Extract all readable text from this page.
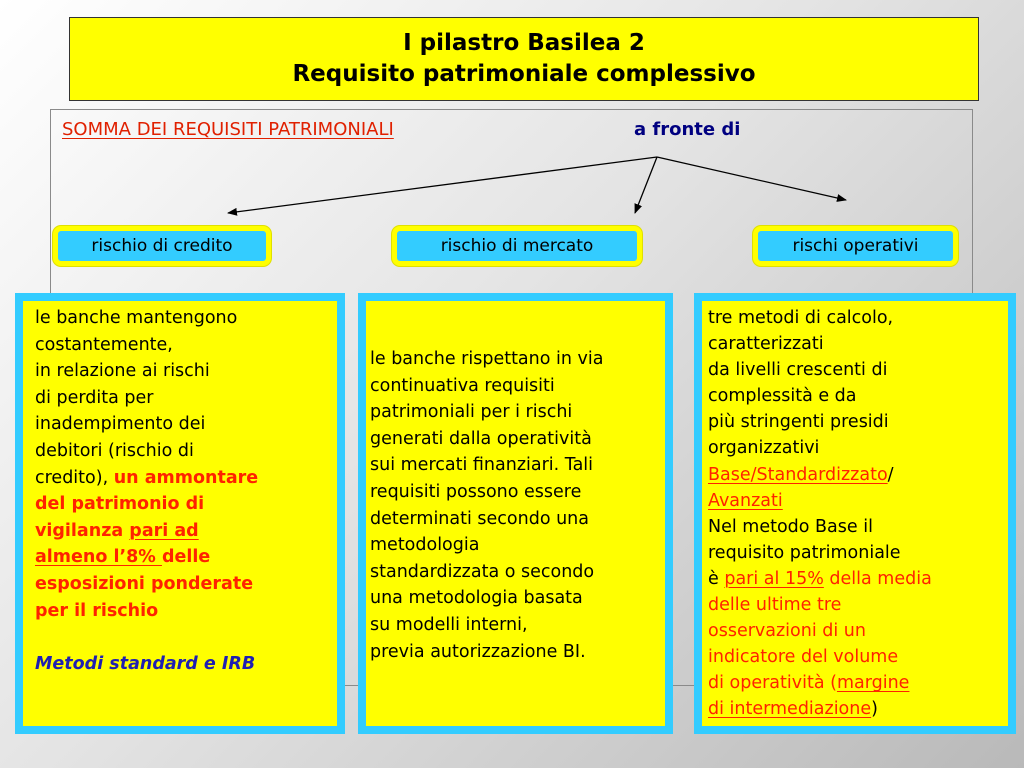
I pilastro Basilea 2
Requisito patrimoniale complessivo
SOMMA DEI REQUISITI PATRIMONIALI	a fronte di
rischio di credito	rischio di mercato	rischi operativi

le banche mantengono

costantemente,

in relazione ai rischi

di perdita per

inadempimento dei

debitori (rischio di

credito), un ammontare

del patrimonio di

vigilanza pari ad

almeno l’8% delle

esposizioni ponderate

per il rischio

Metodi standard e IRB

le banche rispettano in via

continuativa requisiti

patrimoniali per i rischi

generati dalla operatività

sui mercati finanziari. Tali

requisiti possono essere

determinati secondo una

metodologia

standardizzata o secondo

una metodologia basata

su modelli interni,

previa autorizzazione BI.

tre metodi di calcolo,

caratterizzati

da livelli crescenti di

complessità e da

più stringenti presidi

organizzativi

Base/Standardizzato/

Avanzati

Nel metodo Base il

requisito patrimoniale

è pari al 15% della media

delle ultime tre

osservazioni di un

indicatore del volume

di operatività (margine

di intermediazione)
